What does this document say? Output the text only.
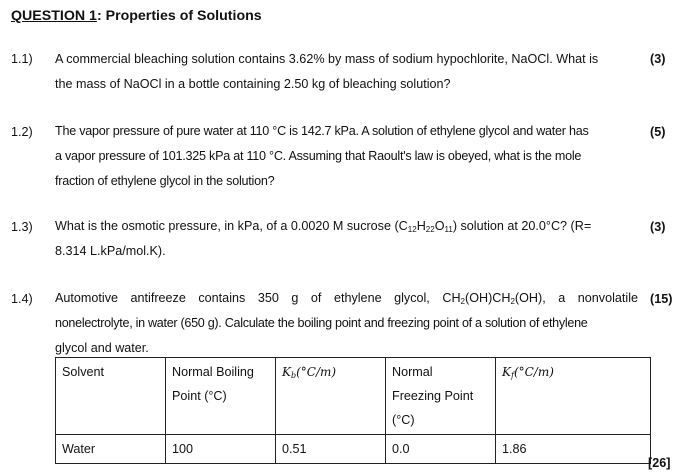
QUESTION 1: Properties of Solutions
1.1) A commercial bleaching solution contains 3.62% by mass of sodium hypochlorite, NaOCl. What is
the mass of NaOCl in a bottle containing 2.50 kg of bleaching solution?
(3)
1.2) The vapor pressure of pure water at 110 °C is 142.7 kPa. A solution of ethylene glycol and water has
a vapor pressure of 101.325 kPa at 110 °C. Assuming that Raoult's law is obeyed, what is the mole
fraction of ethylene glycol in the solution?
(5)
1.3) What is the osmotic pressure, in kPa, of a 0.0020 M sucrose $(C_{12}H_{22}O_{11})$ solution at 20.0°C? (R=
8.314 L.kPa/mol.K).
(3)
1.4) Automotive antifreeze contains 350 g of ethylene glycol, $CH_2(OH)CH_2(OH)$, a nonvolatile
nonelectrolyte, in water (650 g). Calculate the boiling point and freezing point of a solution of ethylene
glycol and water.
(15)
Solvent	Normal Boiling
Point (°C)	$K_b(^\circ C/m)$	Normal
Freezing Point
(°C)	$K_f(^\circ C/m)$
Water	100	0.51	0.0	1.86
[26]
